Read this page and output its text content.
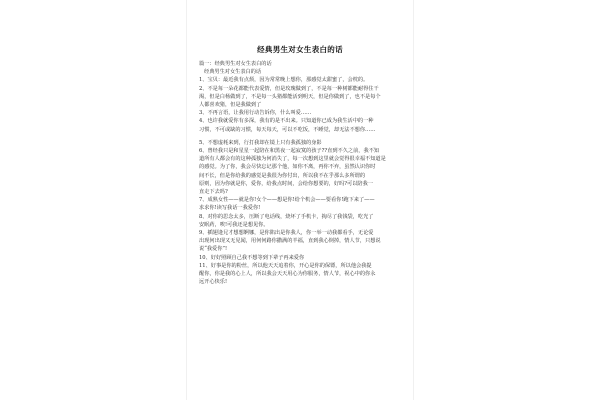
经典男生对女生表白的话
篇一：经典男生对女生表白的话
经典男生对女生表白的话
1、宝贝：最近我有点烦，因为常常晚上想你，那感觉太甜蜜了，会枕的。
2、不是每一朵花都能代表爱情，但是玫瑰做到了，不是每一种树都能耐得住干
渴，但是白杨做到了，不是每一头猪都能活到明天，但是你做到了，也不是每个
人都喜欢猪，但是我做到了
3、不再言语，让我用行动告诉你，什么叫爱……
4、也许我就爱你有多深，我有的是不出来。只知道你已成为我生活中的一种
习惯，不可或缺的习惯，每天每天，可以不吃饭，不睡觉，却无法不想你……
5、不想虚耗来到，行打我却在镜上只有我孤独的身影
6、曾经我只是和星星一起陪在和黑夜一起寂寞的孩子??直到不久之前，我不知
道所有人都会有的这种孤独为何消失了，每一次想到这里就会觉得很幸福不知道是
的感觉。为了你，我会尽快忘记那个他，如你不离，再你不弃，虽然认识你时
间不长，但是你给我的感觉是我很为你付出，所以我不在乎那么多所谓的
原则，因为你就是你，爱你，给我点时间，会给你想要的，好吗?可以陪我一
直走下去吗?
7、成熟女性——就是你!女个——想是你!给个机会——要看你!跑下来了——
求求你!读写我话一我爱你!
8、对你的思念太多，压断了电话线，烧坏了手机卡，掏尽了我钱袋，吃光了
安眠药，唉!可我还是想见你。
9、插翅逢兄才想想婀娜，是你陷出是你我人，你一举一动我都看手，无论爱
出现何出现又无见闻，用何何路你撒满的羊福，直到我心倒掉，情人节，只想说
说“我爱你”!
10、好好照顾自己我不想等到下辈子再来爱你
11、好事是你的粉丝，所以他天天追着你，开心是你的保镖，所以他会我提
醒你，你是我的心上人，所以我会天天用心为你服务，情人节，祝心中的你永
远开心快乐!
